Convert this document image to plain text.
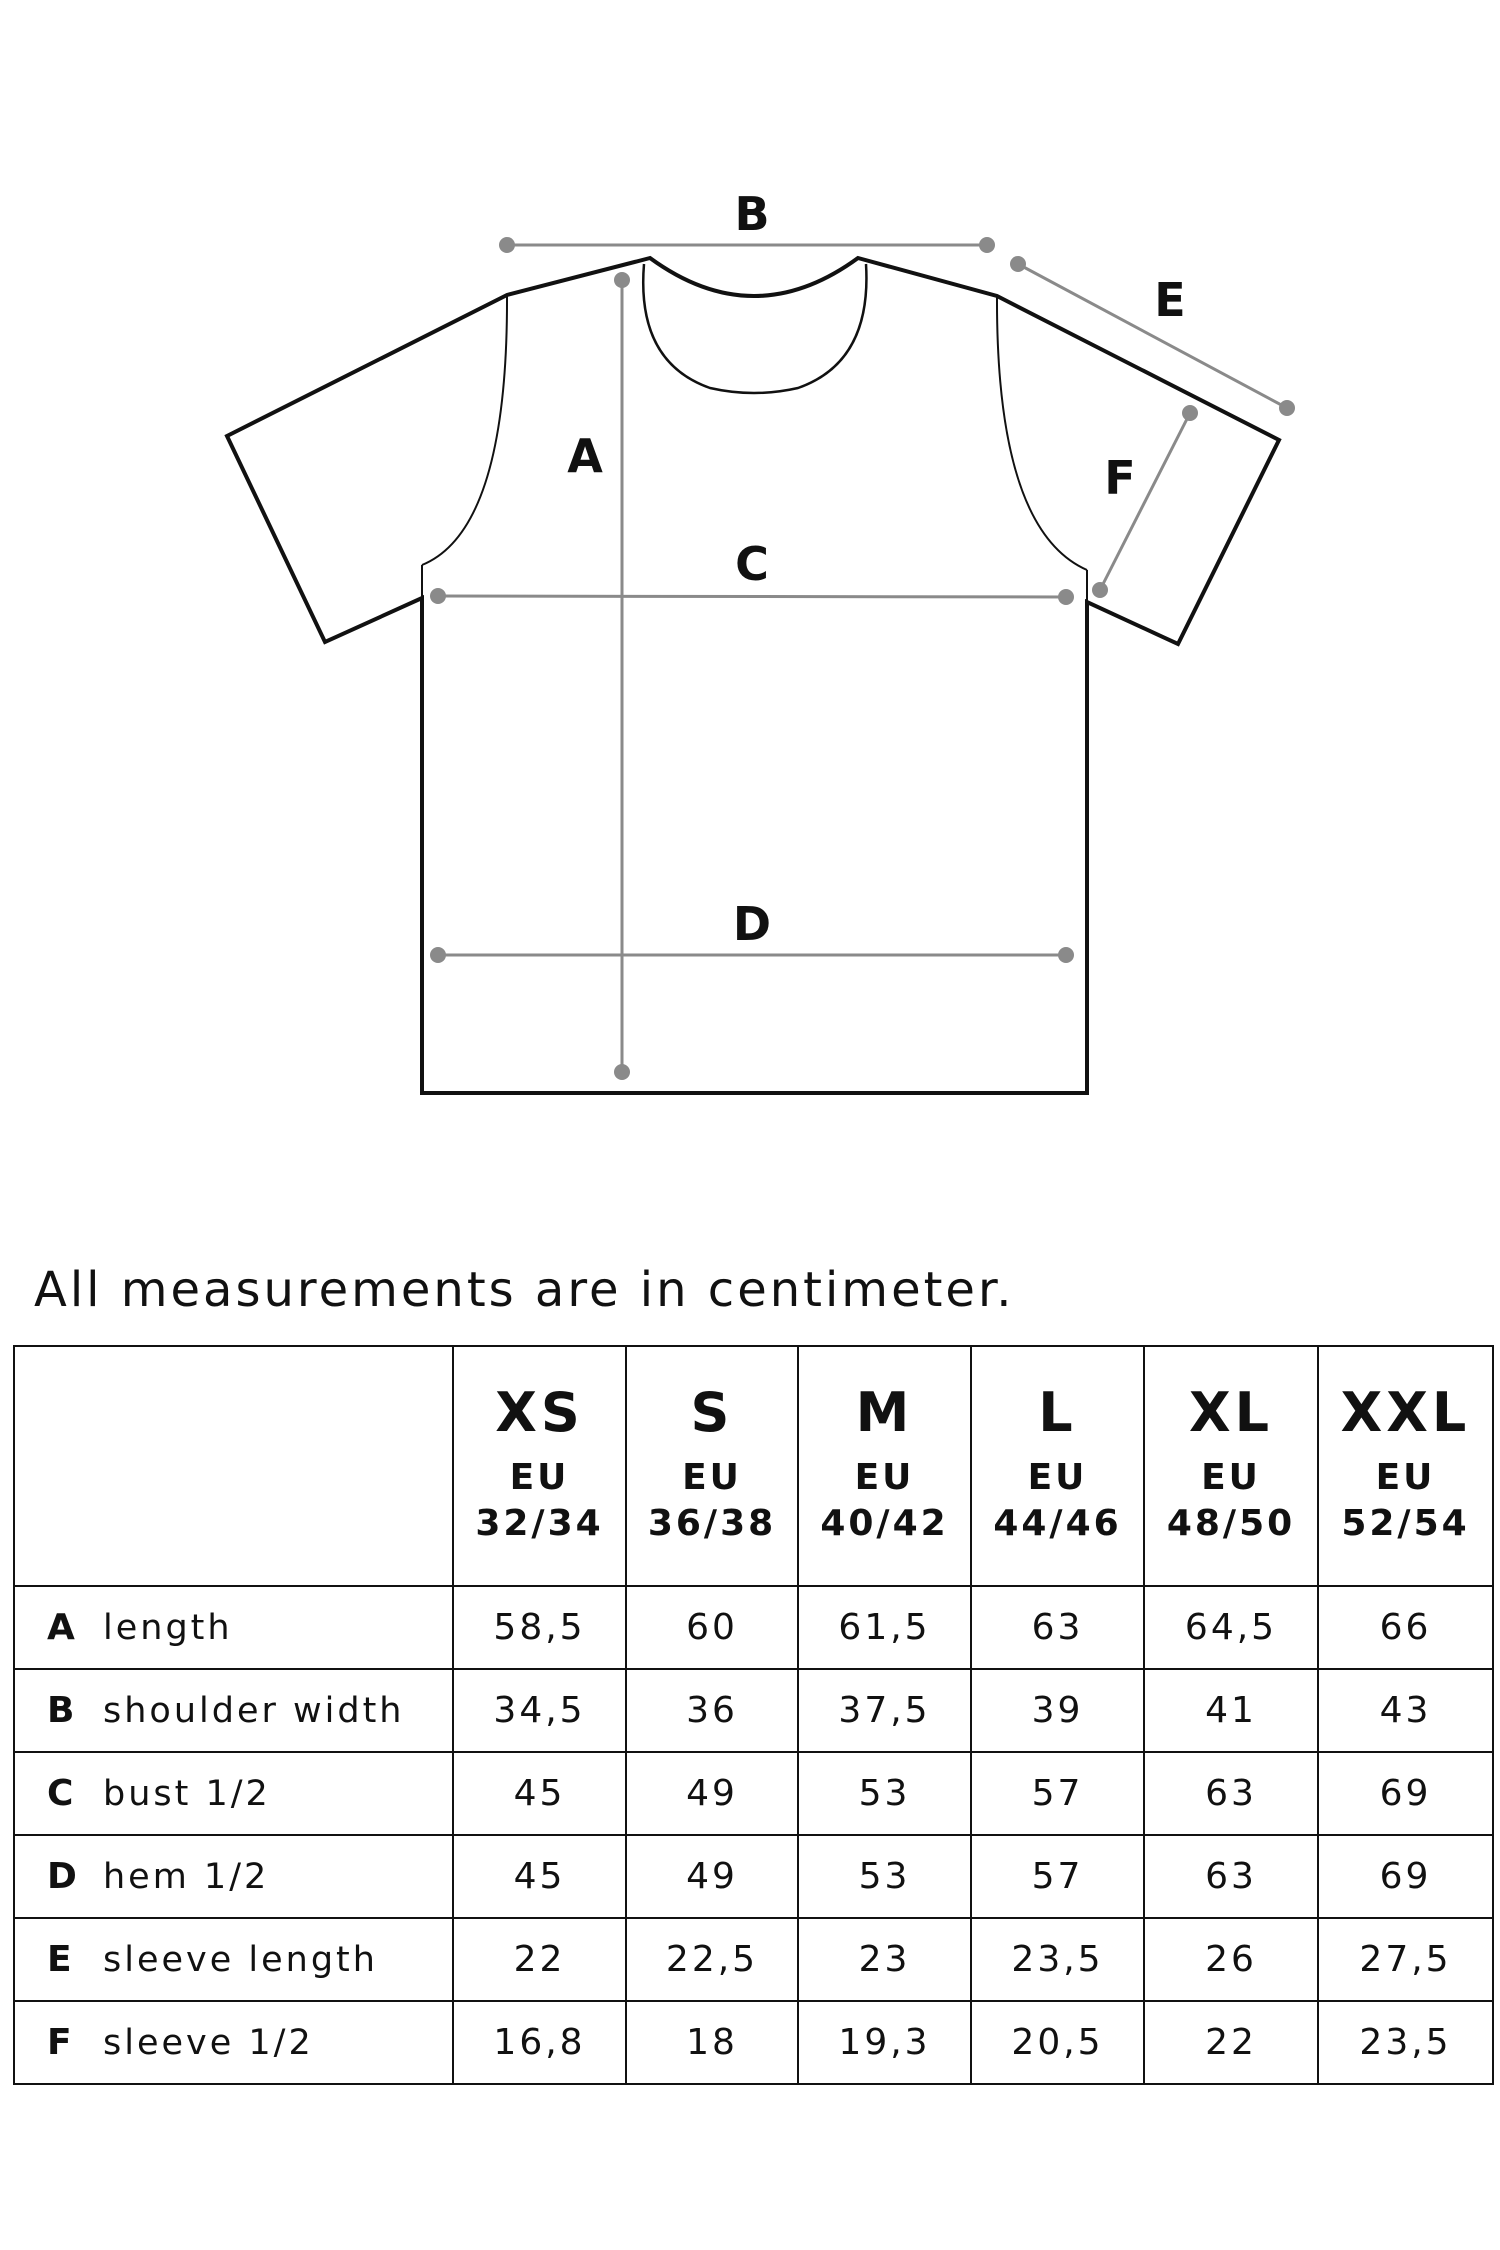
A
B
C
D
E
F

All measurements are in centimeter.

	XS
EU
32/34	S
EU
36/38	M
EU
40/42	L
EU
44/46	XL
EU
48/50	XXL
EU
52/54

A length	58,5	60	61,5	63	64,5	66
B shoulder width	34,5	36	37,5	39	41	43
C bust 1/2	45	49	53	57	63	69
D hem 1/2	45	49	53	57	63	69
E sleeve length	22	22,5	23	23,5	26	27,5
F sleeve 1/2	16,8	18	19,3	20,5	22	23,5
